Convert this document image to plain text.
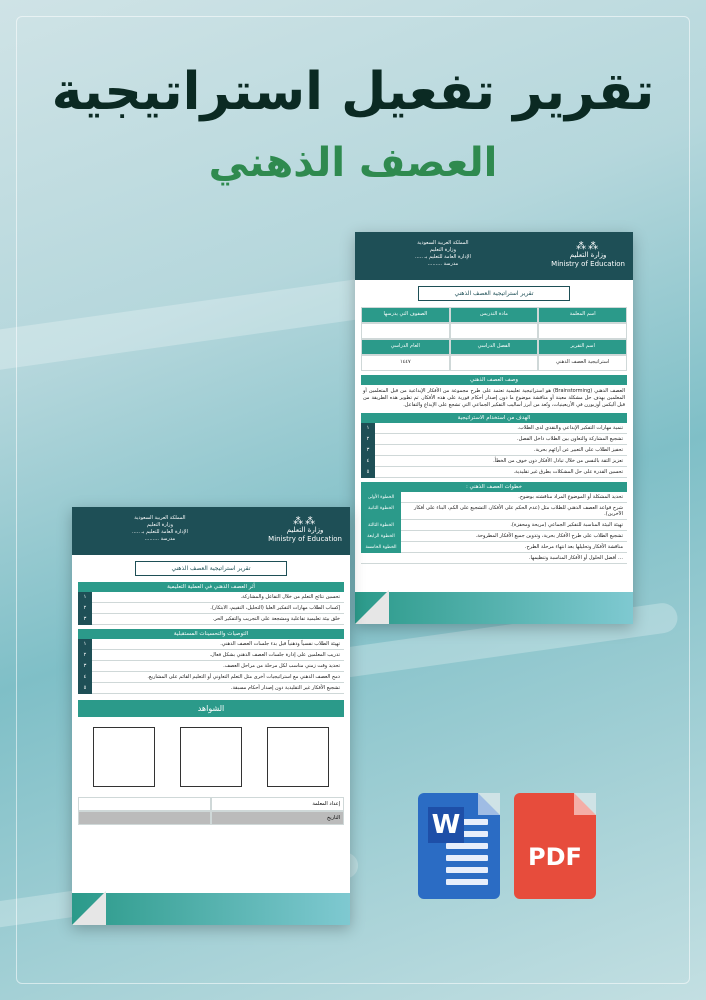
تقرير تفعيل استراتيجية
العصف الذهني
⁂⁂
وزارة التعليم
Ministry of Education
المملكة العربية السعودية
وزارة التعليم
الإدارة العامة للتعليم بـ .....
مدرسة .........
تقرير استراتيجية العصف الذهني
اسم المعلمة
مادة التدريس
الصفوف التي يدرسها
اسم التقرير
الفصل الدراسي
العام الدراسي
استراتيجية العصف الذهني
١٤٤٧
وصف العصف الذهني
العصف الذهني (Brainstorming) هو استراتيجية تعليمية تعتمد على طرح مجموعة من الأفكار الإبداعية من قبل المتعلمين أو المعلمين بهدف حل مشكلة معينة أو مناقشة موضوع ما دون إصدار أحكام فورية على هذه الأفكار. تم تطوير هذه الطريقة من قبل أليكس أوزبورن في الأربعينيات، وتُعد من أبرز أساليب التفكير الجماعي التي تشجع على الإبداع والتفاعل.
الهدف من استخدام الاستراتيجية
تنمية مهارات التفكير الإبداعي والنقدي لدى الطلاب.
١
تشجيع المشاركة والتعاون بين الطلاب داخل الفصل.
٢
تحفيز الطلاب على التعبير عن آرائهم بحرية.
٣
تعزيز الثقة بالنفس من خلال تبادل الأفكار دون خوف من الخطأ.
٤
تحسين القدرة على حل المشكلات بطرق غير تقليدية.
٥
خطوات العصف الذهني :
تحديد المشكلة أو الموضوع المراد مناقشته بوضوح.
الخطوة الأولى
شرح قواعد العصف الذهني للطلاب مثل (عدم الحكم على الأفكار، التشجيع على الكم، البناء على أفكار الآخرين).
الخطوة الثانية
تهيئة البيئة المناسبة للتفكير الجماعي (مريحة ومحفزة).
الخطوة الثالثة
تشجيع الطلاب على طرح الأفكار بحرية، وتدوين جميع الأفكار المطروحة.
الخطوة الرابعة
مناقشة الأفكار وتحليلها بعد انتهاء مرحلة الطرح.
الخطوة الخامسة
… أفضل الحلول أو الأفكار المناسبة وتنظيمها.
⁂⁂
وزارة التعليم
Ministry of Education
المملكة العربية السعودية
وزارة التعليم
الإدارة العامة للتعليم بـ .....
مدرسة .........
تقرير استراتيجية العصف الذهني
أثر العصف الذهني في العملية التعليمية
تحسين نتائج التعلم من خلال التفاعل والمشاركة.
١
إكساب الطلاب مهارات التفكير العليا (التحليل، التقييم، الابتكار).
٢
خلق بيئة تعليمية تفاعلية ومشجعة على التجريب والتفكير الحر.
٣
التوصيات والتحسينات المستقبلية
تهيئة الطلاب نفسياً وذهنياً قبل بدء جلسات العصف الذهني.
١
تدريب المعلمين على إدارة جلسات العصف الذهني بشكل فعال.
٢
تحديد وقت زمني مناسب لكل مرحلة من مراحل العصف.
٣
دمج العصف الذهني مع استراتيجيات أخرى مثل التعلم التعاوني أو التعليم القائم على المشاريع.
٤
تشجيع الأفكار غير التقليدية دون إصدار أحكام مسبقة.
٥
الشواهد
إعداد المعلمة
التاريخ	W
PDF
